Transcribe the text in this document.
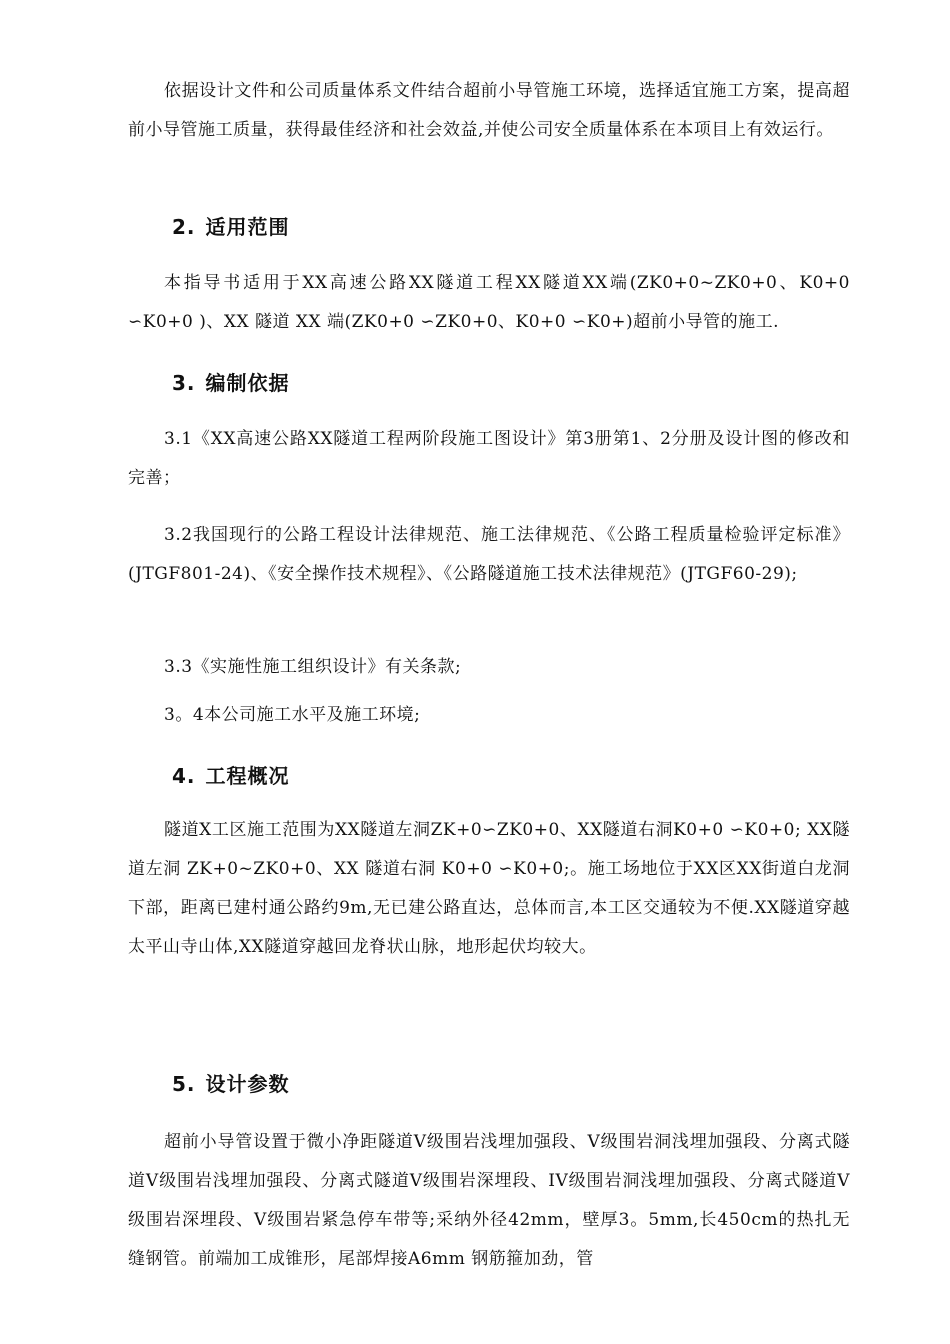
依据设计文件和公司质量体系文件结合超前小导管施工环境，选择适宜施工方案，提高超前小导管施工质量，获得最佳经济和社会效益,并使公司安全质量体系在本项目上有效运行。

2. 适用范围

本指导书适用于XX高速公路XX隧道工程XX隧道XX端(ZK0+0~ZK0+0、K0+0 ∽K0+0 )、XX 隧道 XX 端(ZK0+0 ∽ZK0+0、K0+0 ∽K0+)超前小导管的施工.

3. 编制依据

3.1《XX高速公路XX隧道工程两阶段施工图设计》第3册第1、2分册及设计图的修改和完善；

3.2我国现行的公路工程设计法律规范、施工法律规范、《公路工程质量检验评定标准》(JTGF801-24)、《安全操作技术规程》、《公路隧道施工技术法律规范》(JTGF60-29);

3.3《实施性施工组织设计》有关条款;

3。4本公司施工水平及施工环境;

4. 工程概况

隧道X工区施工范围为XX隧道左洞ZK+0∽ZK0+0、XX隧道右洞K0+0 ∽K0+0; XX隧道左洞 ZK+0~ZK0+0、XX 隧道右洞 K0+0 ∽K0+0;。施工场地位于XX区XX街道白龙洞下部，距离已建村通公路约9m,无已建公路直达，总体而言,本工区交通较为不便.XX隧道穿越太平山寺山体,XX隧道穿越回龙脊状山脉，地形起伏均较大。

5. 设计参数

超前小导管设置于微小净距隧道V级围岩浅埋加强段、V级围岩洞浅埋加强段、分离式隧道V级围岩浅埋加强段、分离式隧道V级围岩深埋段、IV级围岩洞浅埋加强段、分离式隧道V级围岩深埋段、V级围岩紧急停车带等;采纳外径42mm，壁厚3。5mm,长450cm的热扎无缝钢管。前端加工成锥形，尾部焊接A6mm 钢筋箍加劲，管
